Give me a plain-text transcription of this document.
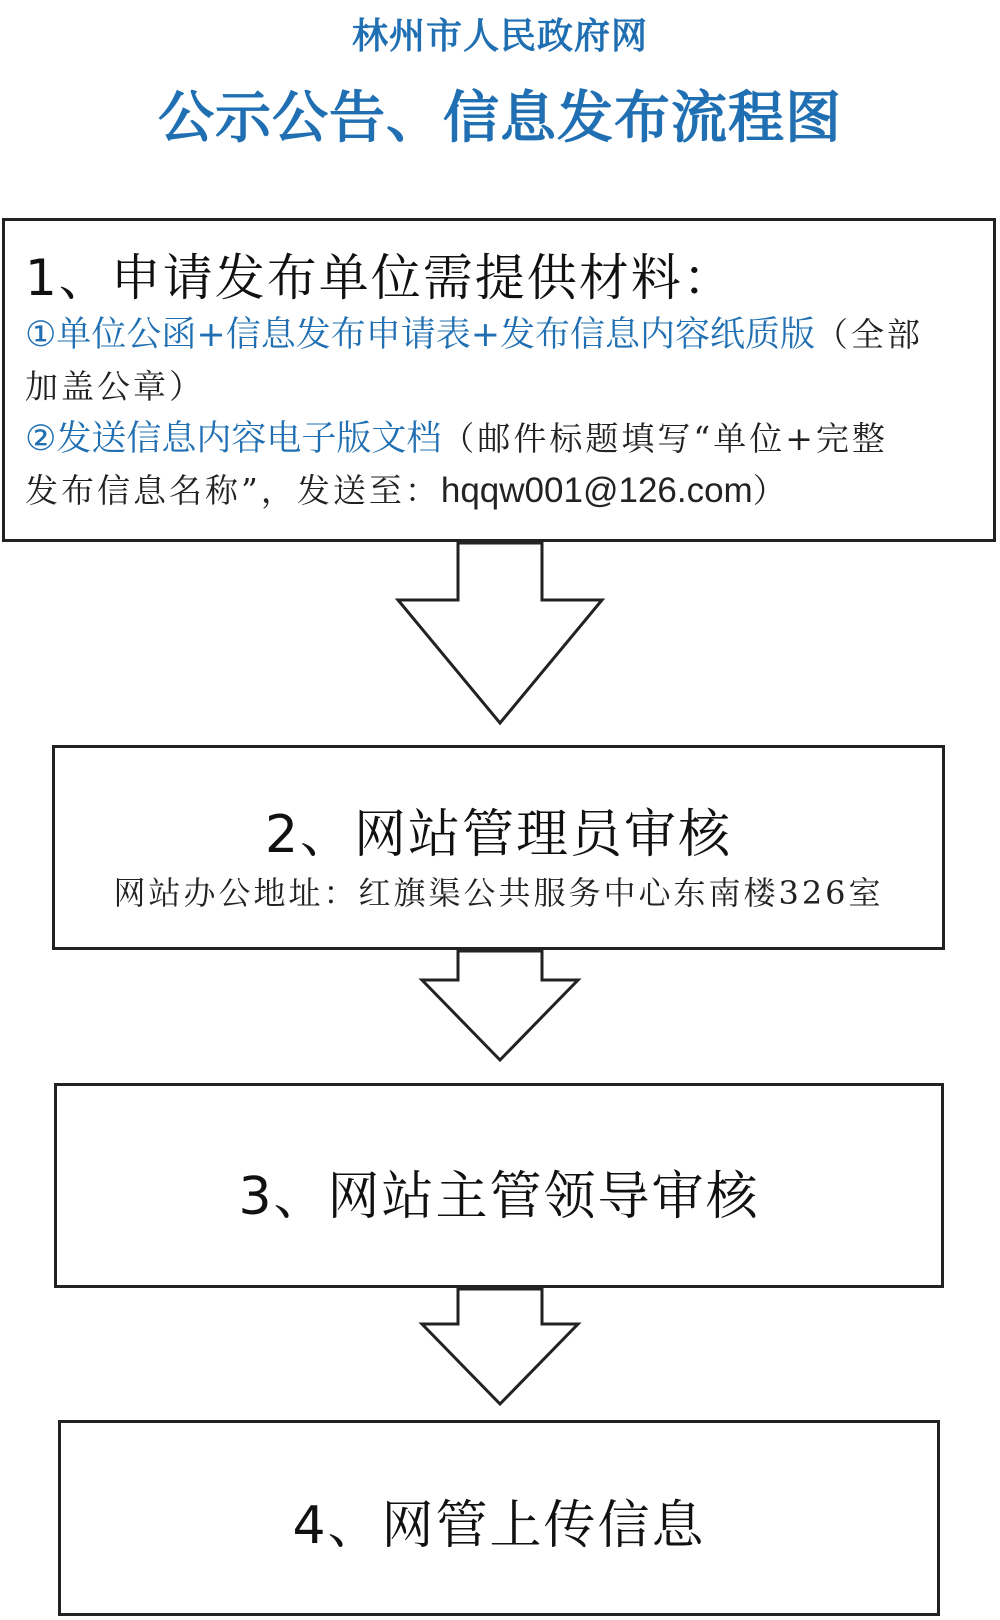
林州市人民政府网
公示公告、信息发布流程图
1、申请发布单位需提供材料：
①单位公函+信息发布申请表+发布信息内容纸质版（全部
加盖公章）
②发送信息内容电子版文档（邮件标题填写“单位+完整
发布信息名称”，发送至：hqqw001@126.com）
2、网站管理员审核
网站办公地址：红旗渠公共服务中心东南楼326室
3、网站主管领导审核
4、网管上传信息
